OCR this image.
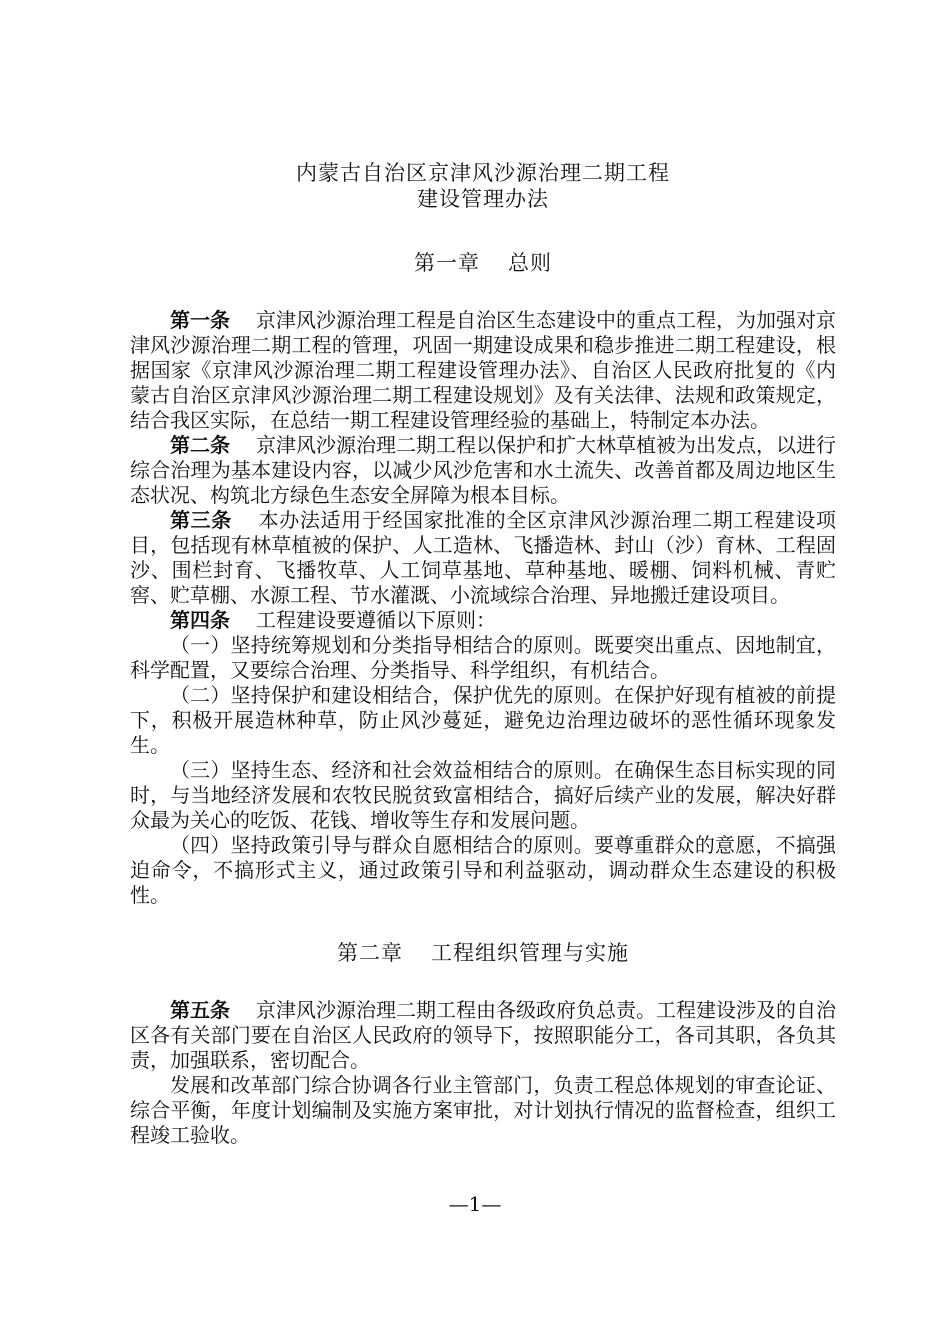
内蒙古自治区京津风沙源治理二期工程
建设管理办法
第一章 总则

第一条 京津风沙源治理工程是自治区生态建设中的重点工程，为加强对京津风沙源治理二期工程的管理，巩固一期建设成果和稳步推进二期工程建设，根据国家《京津风沙源治理二期工程建设管理办法》、自治区人民政府批复的《内蒙古自治区京津风沙源治理二期工程建设规划》及有关法律、法规和政策规定，结合我区实际，在总结一期工程建设管理经验的基础上，特制定本办法。

第二条 京津风沙源治理二期工程以保护和扩大林草植被为出发点，以进行综合治理为基本建设内容，以减少风沙危害和水土流失、改善首都及周边地区生态状况、构筑北方绿色生态安全屏障为根本目标。

第三条 本办法适用于经国家批准的全区京津风沙源治理二期工程建设项目，包括现有林草植被的保护、人工造林、飞播造林、封山（沙）育林、工程固沙、围栏封育、飞播牧草、人工饲草基地、草种基地、暖棚、饲料机械、青贮窖、贮草棚、水源工程、节水灌溉、小流域综合治理、异地搬迁建设项目。

第四条 工程建设要遵循以下原则：

（一）坚持统筹规划和分类指导相结合的原则。既要突出重点、因地制宜，科学配置，又要综合治理、分类指导、科学组织，有机结合。

（二）坚持保护和建设相结合，保护优先的原则。在保护好现有植被的前提下，积极开展造林种草，防止风沙蔓延，避免边治理边破坏的恶性循环现象发生。

（三）坚持生态、经济和社会效益相结合的原则。在确保生态目标实现的同时，与当地经济发展和农牧民脱贫致富相结合，搞好后续产业的发展，解决好群众最为关心的吃饭、花钱、增收等生存和发展问题。

（四）坚持政策引导与群众自愿相结合的原则。要尊重群众的意愿，不搞强迫命令，不搞形式主义，通过政策引导和利益驱动，调动群众生态建设的积极性。

第二章 工程组织管理与实施

第五条 京津风沙源治理二期工程由各级政府负总责。工程建设涉及的自治区各有关部门要在自治区人民政府的领导下，按照职能分工，各司其职，各负其责，加强联系，密切配合。

发展和改革部门综合协调各行业主管部门，负责工程总体规划的审查论证、综合平衡，年度计划编制及实施方案审批，对计划执行情况的监督检查，组织工程竣工验收。

—1—
